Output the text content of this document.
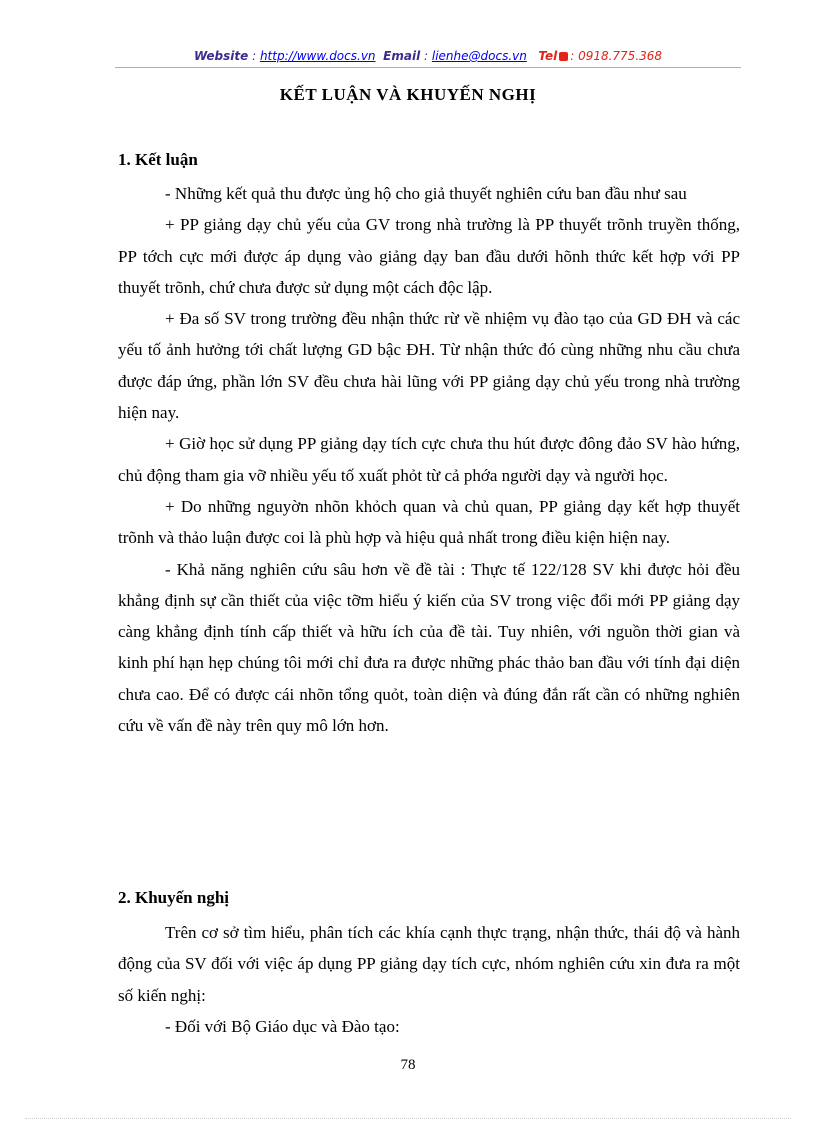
Website : http://www.docs.vn Email : lienhe@docs.vn Tel : 0918.775.368
KẾT LUẬN VÀ KHUYẾN NGHỊ
1. Kết luận

- Những kết quả thu được ủng hộ cho giả thuyết nghiên cứu ban đầu như sau

+ PP giảng dạy chủ yếu của GV trong nhà trường là PP thuyết trõnh truyền thống, PP tớch cực mới được áp dụng vào giảng dạy ban đầu dưới hõnh thức kết hợp với PP thuyết trõnh, chứ chưa được sử dụng một cách độc lập.

+ Đa số SV trong trường đều nhận thức rừ về nhiệm vụ đào tạo của GD ĐH và các yếu tố ảnh hưởng tới chất lượng GD bậc ĐH. Từ nhận thức đó cùng những nhu cầu chưa được đáp ứng, phần lớn SV đều chưa hài lũng với PP giảng dạy chủ yếu trong nhà trường hiện nay.

+ Giờ học sử dụng PP giảng dạy tích cực chưa thu hút được đông đảo SV hào hứng, chủ động tham gia vỡ nhiều yếu tố xuất phỏt từ cả phớa người dạy và người học.

+ Do những nguyờn nhõn khỏch quan và chủ quan, PP giảng dạy kết hợp thuyết trõnh và thảo luận được coi là phù hợp và hiệu quả nhất trong điều kiện hiện nay.

- Khả năng nghiên cứu sâu hơn về đề tài : Thực tế 122/128 SV khi được hỏi đều khẳng định sự cần thiết của việc tỡm hiểu ý kiến của SV trong việc đổi mới PP giảng dạy càng khẳng định tính cấp thiết và hữu ích của đề tài. Tuy nhiên, với nguồn thời gian và kinh phí hạn hẹp chúng tôi mới chỉ đưa ra được những phác thảo ban đầu với tính đại diện chưa cao. Để có được cái nhõn tổng quỏt, toàn diện và đúng đắn rất cần có những nghiên cứu về vấn đề này trên quy mô lớn hơn.

2. Khuyến nghị

Trên cơ sở tìm hiểu, phân tích các khía cạnh thực trạng, nhận thức, thái độ và hành động của SV đối với việc áp dụng PP giảng dạy tích cực, nhóm nghiên cứu xin đưa ra một số kiến nghị:

- Đối với Bộ Giáo dục và Đào tạo:

78
